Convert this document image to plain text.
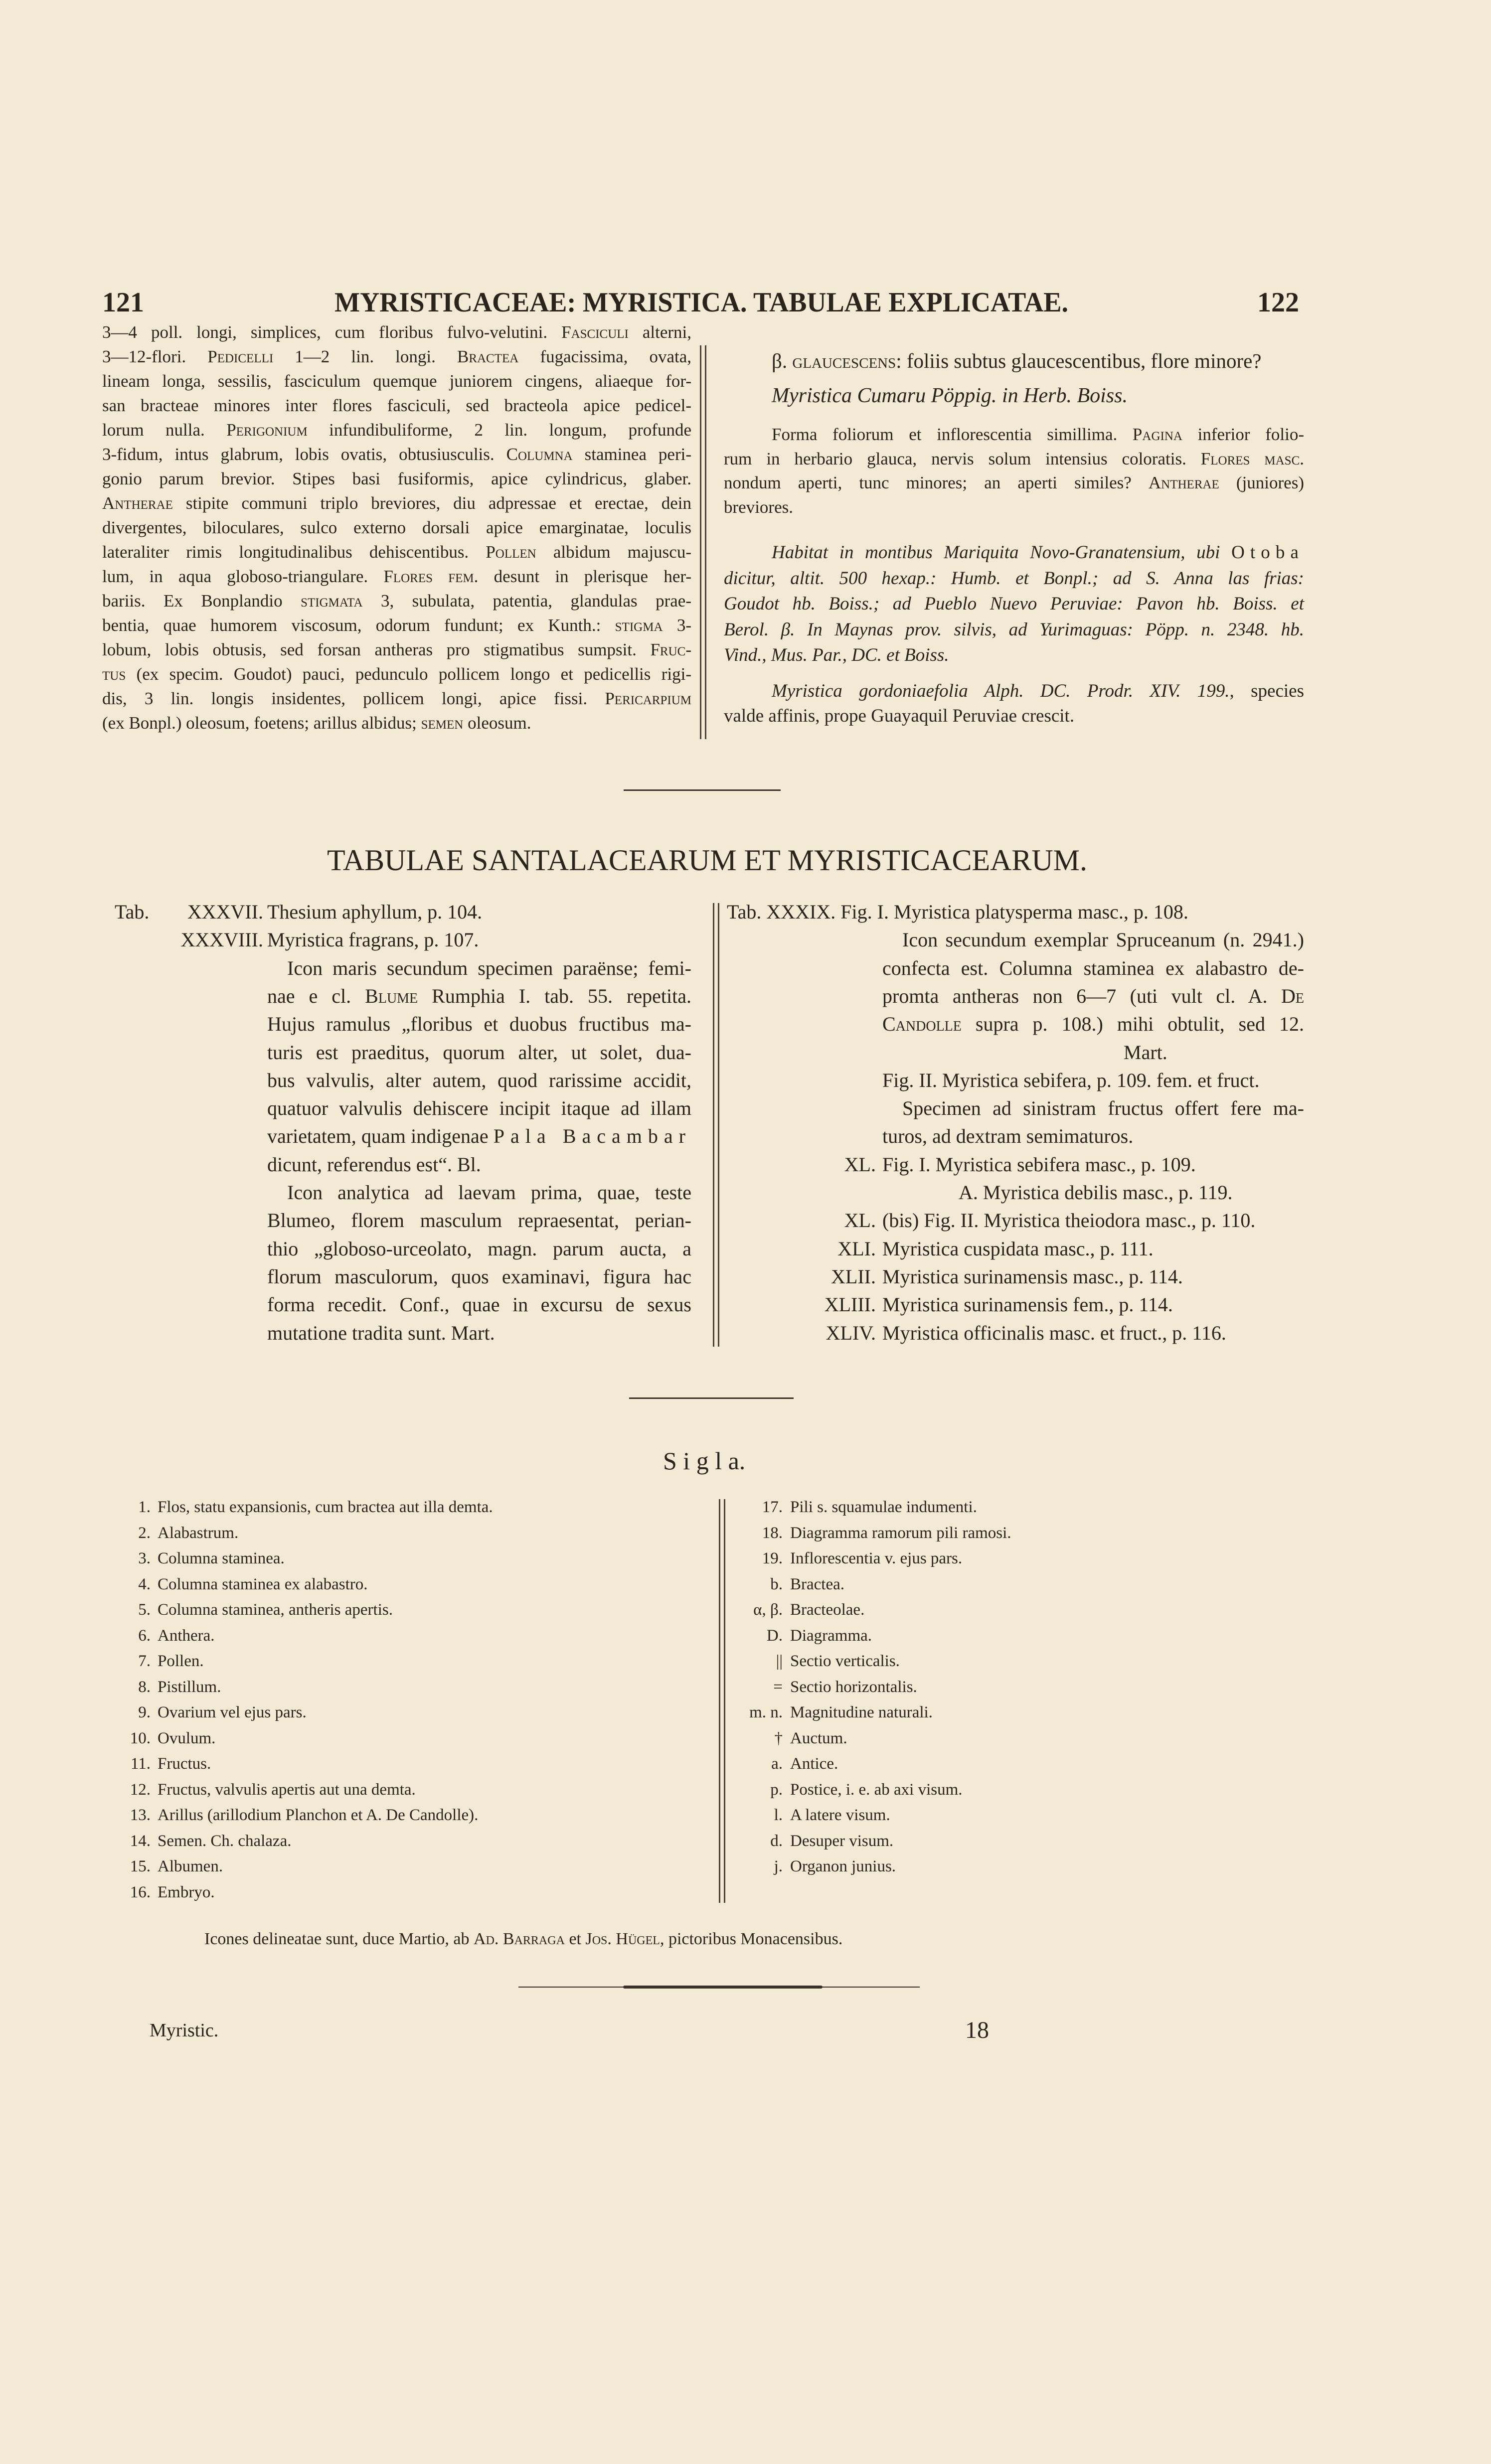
121	MYRISTICACEAE: MYRISTICA. TABULAE EXPLICATAE.	122
3—4 poll. longi, simplices, cum floribus fulvo-velutini. Fasciculi alterni,
3—12-flori. Pedicelli 1—2 lin. longi. Bractea fugacissima, ovata,
lineam longa, sessilis, fasciculum quemque juniorem cingens, aliaeque for-
san bracteae minores inter flores fasciculi, sed bracteola apice pedicel-
lorum nulla. Perigonium infundibuliforme, 2 lin. longum, profunde
3-fidum, intus glabrum, lobis ovatis, obtusiusculis. Columna staminea peri-
gonio parum brevior. Stipes basi fusiformis, apice cylindricus, glaber.
Antherae stipite communi triplo breviores, diu adpressae et erectae, dein
divergentes, biloculares, sulco externo dorsali apice emarginatae, loculis
lateraliter rimis longitudinalibus dehiscentibus. Pollen albidum majuscu-
lum, in aqua globoso-triangulare. Flores fem. desunt in plerisque her-
bariis. Ex Bonplandio stigmata 3, subulata, patentia, glandulas prae-
bentia, quae humorem viscosum, odorum fundunt; ex Kunth.: stigma 3-
lobum, lobis obtusis, sed forsan antheras pro stigmatibus sumpsit. Fruc-
tus (ex specim. Goudot) pauci, pedunculo pollicem longo et pedicellis rigi-
dis, 3 lin. longis insidentes, pollicem longi, apice fissi. Pericarpium
(ex Bonpl.) oleosum, foetens; arillus albidus; semen oleosum.
β. glaucescens: foliis subtus glaucescentibus, flore minore?
Myristica Cumaru Pöppig. in Herb. Boiss.
Forma foliorum et inflorescentia simillima. Pagina inferior folio-
rum in herbario glauca, nervis solum intensius coloratis. Flores masc.
nondum aperti, tunc minores; an aperti similes? Antherae (juniores)
breviores.
Habitat in montibus Mariquita Novo-Granatensium, ubi Otoba
dicitur, altit. 500 hexap.: Humb. et Bonpl.; ad S. Anna las frias:
Goudot hb. Boiss.; ad Pueblo Nuevo Peruviae: Pavon hb. Boiss. et
Berol. β. In Maynas prov. silvis, ad Yurimaguas: Pöpp. n. 2348. hb.
Vind., Mus. Par., DC. et Boiss.
Myristica gordoniaefolia Alph. DC. Prodr. XIV. 199., species
valde affinis, prope Guayaquil Peruviae crescit.
TABULAE SANTALACEARUM ET MYRISTICACEARUM.
Tab.	XXXVII. Thesium aphyllum, p. 104.
XXXVIII. Myristica fragrans, p. 107.
Icon maris secundum specimen paraënse; femi-
nae e cl. Blume Rumphia I. tab. 55. repetita.
Hujus ramulus „floribus et duobus fructibus ma-
turis est praeditus, quorum alter, ut solet, dua-
bus valvulis, alter autem, quod rarissime accidit,
quatuor valvulis dehiscere incipit itaque ad illam
varietatem, quam indigenae Pala Bacambar
dicunt, referendus est“. Bl.
Icon analytica ad laevam prima, quae, teste
Blumeo, florem masculum repraesentat, perian-
thio „globoso-urceolato, magn. parum aucta, a
florum masculorum, quos examinavi, figura hac
forma recedit. Conf., quae in excursu de sexus
mutatione tradita sunt. Mart.
Tab. XXXIX. Fig. I. Myristica platysperma masc., p. 108.
Icon secundum exemplar Spruceanum (n. 2941.)
confecta est. Columna staminea ex alabastro de-
promta antheras non 6—7 (uti vult cl. A. De
Candolle supra p. 108.) mihi obtulit, sed 12.
Mart.
Fig. II. Myristica sebifera, p. 109. fem. et fruct.
Specimen ad sinistram fructus offert fere ma-
turos, ad dextram semimaturos.
XL. Fig. I. Myristica sebifera masc., p. 109.
A. Myristica debilis masc., p. 119.
XL. (bis) Fig. II. Myristica theiodora masc., p. 110.
XLI. Myristica cuspidata masc., p. 111.
XLII. Myristica surinamensis masc., p. 114.
XLIII. Myristica surinamensis fem., p. 114.
XLIV. Myristica officinalis masc. et fruct., p. 116.
S i g l a.
1. Flos, statu expansionis, cum bractea aut illa demta.
2. Alabastrum.
3. Columna staminea.
4. Columna staminea ex alabastro.
5. Columna staminea, antheris apertis.
6. Anthera.
7. Pollen.
8. Pistillum.
9. Ovarium vel ejus pars.
10. Ovulum.
11. Fructus.
12. Fructus, valvulis apertis aut una demta.
13. Arillus (arillodium Planchon et A. De Candolle).
14. Semen. Ch. chalaza.
15. Albumen.
16. Embryo.
17. Pili s. squamulae indumenti.
18. Diagramma ramorum pili ramosi.
19. Inflorescentia v. ejus pars.
b. Bractea.
α, β. Bracteolae.
D. Diagramma.
|| Sectio verticalis.
= Sectio horizontalis.
m. n. Magnitudine naturali.
† Auctum.
a. Antice.
p. Postice, i. e. ab axi visum.
l. A latere visum.
d. Desuper visum.
j. Organon junius.
Icones delineatae sunt, duce Martio, ab Ad. Barraga et Jos. Hügel, pictoribus Monacensibus.
Myristic.	18
